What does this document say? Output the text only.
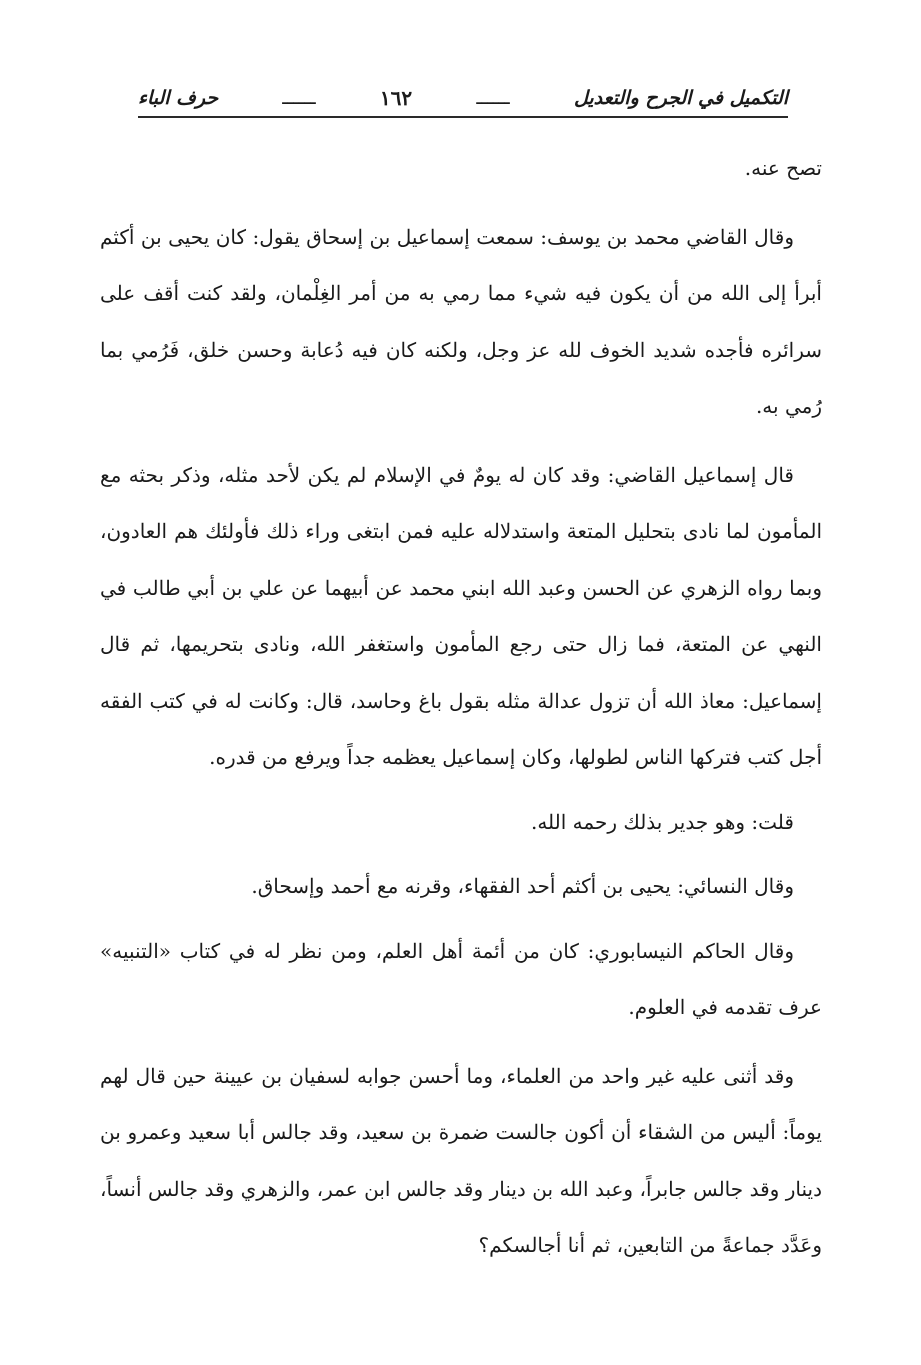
التكميل في الجرح والتعديل
ــــــ
١٦٢
ــــــ
حرف الباء

تصح عنه.

وقال القاضي محمد بن يوسف: سمعت إسماعيل بن إسحاق يقول: كان يحيى بن أكثم أبرأ إلى الله من أن يكون فيه شيء مما رمي به من أمر الغِلْمان، ولقد كنت أقف على سرائره فأجده شديد الخوف لله عز وجل، ولكنه كان فيه دُعابة وحسن خلق، فَرُمي بما رُمي به.

قال إسماعيل القاضي: وقد كان له يومٌ في الإسلام لم يكن لأحد مثله، وذكر بحثه مع المأمون لما نادى بتحليل المتعة واستدلاله عليه فمن ابتغى وراء ذلك فأولئك هم العادون، وبما رواه الزهري عن الحسن وعبد الله ابني محمد عن أبيهما عن علي بن أبي طالب في النهي عن المتعة، فما زال حتى رجع المأمون واستغفر الله، ونادى بتحريمها، ثم قال إسماعيل: معاذ الله أن تزول عدالة مثله بقول باغ وحاسد، قال: وكانت له في كتب الفقه أجل كتب فتركها الناس لطولها، وكان إسماعيل يعظمه جداً ويرفع من قدره.

قلت: وهو جدير بذلك رحمه الله.

وقال النسائي: يحيى بن أكثم أحد الفقهاء، وقرنه مع أحمد وإسحاق.

وقال الحاكم النيسابوري: كان من أئمة أهل العلم، ومن نظر له في كتاب «التنبيه» عرف تقدمه في العلوم.

وقد أثنى عليه غير واحد من العلماء، وما أحسن جوابه لسفيان بن عيينة حين قال لهم يوماً: أليس من الشقاء أن أكون جالست ضمرة بن سعيد، وقد جالس أبا سعيد وعمرو بن دينار وقد جالس جابراً، وعبد الله بن دينار وقد جالس ابن عمر، والزهري وقد جالس أنساً، وعَدَّد جماعةً من التابعين، ثم أنا أجالسكم؟
